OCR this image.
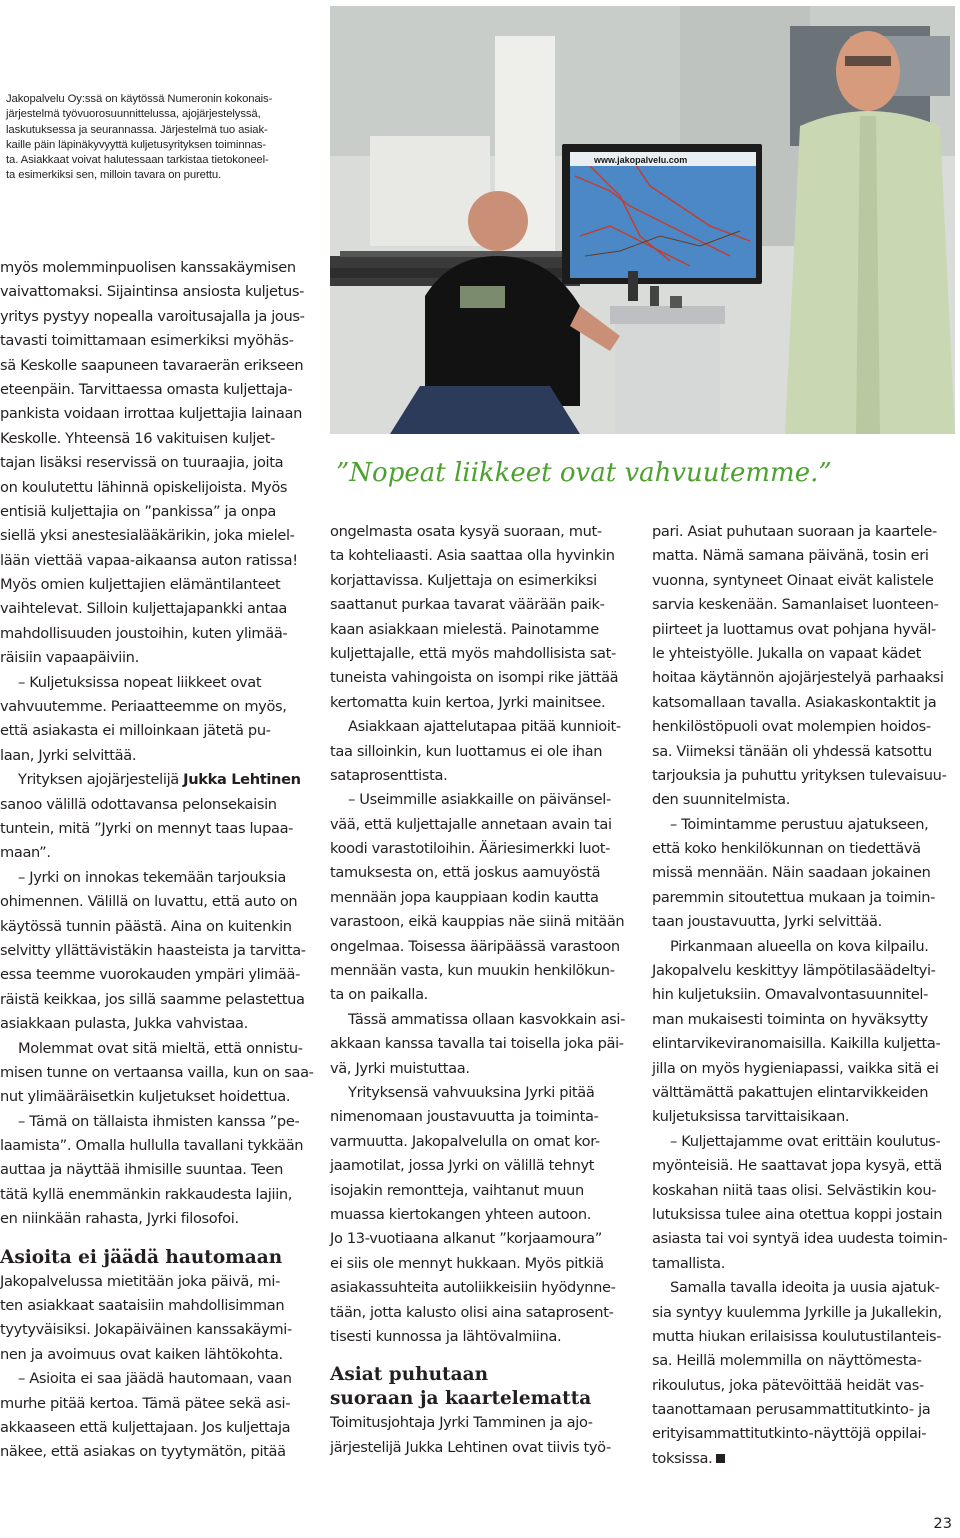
Jakopalvelu Oy:ssä on käytössä Numeronin kokonais-
järjestelmä työvuorosuunnittelussa, ajojärjestelyssä,
laskutuksessa ja seurannassa. Järjestelmä tuo asiak-
kaille päin läpinäkyvyyttä kuljetusyrityksen toiminnas-
ta. Asiakkaat voivat halutessaan tarkistaa tietokoneel-
ta esimerkiksi sen, milloin tavara on purettu.
www.jakopalvelu.com
”Nopeat liikkeet ovat vahvuutemme.”
myös molemminpuolisen kanssakäymisen
vaivattomaksi. Sijaintinsa ansiosta kuljetus-
yritys pystyy nopealla varoitusajalla ja jous-
tavasti toimittamaan esimerkiksi myöhäs-
sä Keskolle saapuneen tavaraerän erikseen
eteenpäin. Tarvittaessa omasta kuljettaja-
pankista voidaan irrottaa kuljettajia lainaan
Keskolle. Yhteensä 16 vakituisen kuljet-
tajan lisäksi reservissä on tuuraajia, joita
on koulutettu lähinnä opiskelijoista. Myös
entisiä kuljettajia on ”pankissa” ja onpa
siellä yksi anestesialääkärikin, joka mielel-
lään viettää vapaa-aikaansa auton ratissa!
Myös omien kuljettajien elämäntilanteet
vaihtelevat. Silloin kuljettajapankki antaa
mahdollisuuden joustoihin, kuten ylimää-
räisiin vapaapäiviin.
– Kuljetuksissa nopeat liikkeet ovat
vahvuutemme. Periaatteemme on myös,
että asiakasta ei milloinkaan jätetä pu-
laan, Jyrki selvittää.
Yrityksen ajojärjestelijä Jukka Lehtinen
sanoo välillä odottavansa pelonsekaisin
tuntein, mitä ”Jyrki on mennyt taas lupaa-
maan”.
– Jyrki on innokas tekemään tarjouksia
ohimennen. Välillä on luvattu, että auto on
käytössä tunnin päästä. Aina on kuitenkin
selvitty yllättävistäkin haasteista ja tarvitta-
essa teemme vuorokauden ympäri ylimää-
räistä keikkaa, jos sillä saamme pelastettua
asiakkaan pulasta, Jukka vahvistaa.
Molemmat ovat sitä mieltä, että onnistu-
misen tunne on vertaansa vailla, kun on saa-
nut ylimääräisetkin kuljetukset hoidettua.
– Tämä on tällaista ihmisten kanssa ”pe-
laamista”. Omalla hullulla tavallani tykkään
auttaa ja näyttää ihmisille suuntaa. Teen
tätä kyllä enemmänkin rakkaudesta lajiin,
en niinkään rahasta, Jyrki filosofoi.
Asioita ei jäädä hautomaan
Jakopalvelussa mietitään joka päivä, mi-
ten asiakkaat saataisiin mahdollisimman
tyytyväisiksi. Jokapäiväinen kanssakäymi-
nen ja avoimuus ovat kaiken lähtökohta.
– Asioita ei saa jäädä hautomaan, vaan
murhe pitää kertoa. Tämä pätee sekä asi-
akkaaseen että kuljettajaan. Jos kuljettaja
näkee, että asiakas on tyytymätön, pitää
ongelmasta osata kysyä suoraan, mut-
ta kohteliaasti. Asia saattaa olla hyvinkin
korjattavissa. Kuljettaja on esimerkiksi
saattanut purkaa tavarat väärään paik-
kaan asiakkaan mielestä. Painotamme
kuljettajalle, että myös mahdollisista sat-
tuneista vahingoista on isompi rike jättää
kertomatta kuin kertoa, Jyrki mainitsee.
Asiakkaan ajattelutapaa pitää kunnioit-
taa silloinkin, kun luottamus ei ole ihan
sataprosenttista.
– Useimmille asiakkaille on päivänsel-
vää, että kuljettajalle annetaan avain tai
koodi varastotiloihin. Ääriesimerkki luot-
tamuksesta on, että joskus aamuyöstä
mennään jopa kauppiaan kodin kautta
varastoon, eikä kauppias näe siinä mitään
ongelmaa. Toisessa ääripäässä varastoon
mennään vasta, kun muukin henkilökun-
ta on paikalla.
Tässä ammatissa ollaan kasvokkain asi-
akkaan kanssa tavalla tai toisella joka päi-
vä, Jyrki muistuttaa.
Yrityksensä vahvuuksina Jyrki pitää
nimenomaan joustavuutta ja toiminta-
varmuutta. Jakopalvelulla on omat kor-
jaamotilat, jossa Jyrki on välillä tehnyt
isojakin remontteja, vaihtanut muun
muassa kiertokangen yhteen autoon.
Jo 13-vuotiaana alkanut ”korjaamoura”
ei siis ole mennyt hukkaan. Myös pitkiä
asiakassuhteita autoliikkeisiin hyödynne-
tään, jotta kalusto olisi aina sataprosent-
tisesti kunnossa ja lähtövalmiina.
Asiat puhutaan
suoraan ja kaartelematta
Toimitusjohtaja Jyrki Tamminen ja ajo-
järjestelijä Jukka Lehtinen ovat tiivis työ-
pari. Asiat puhutaan suoraan ja kaartele-
matta. Nämä samana päivänä, tosin eri
vuonna, syntyneet Oinaat eivät kalistele
sarvia keskenään. Samanlaiset luonteen-
piirteet ja luottamus ovat pohjana hyväl-
le yhteistyölle. Jukalla on vapaat kädet
hoitaa käytännön ajojärjestelyä parhaaksi
katsomallaan tavalla. Asiakaskontaktit ja
henkilöstöpuoli ovat molempien hoidos-
sa. Viimeksi tänään oli yhdessä katsottu
tarjouksia ja puhuttu yrityksen tulevaisuu-
den suunnitelmista.
– Toimintamme perustuu ajatukseen,
että koko henkilökunnan on tiedettävä
missä mennään. Näin saadaan jokainen
paremmin sitoutettua mukaan ja toimin-
taan joustavuutta, Jyrki selvittää.
Pirkanmaan alueella on kova kilpailu.
Jakopalvelu keskittyy lämpötilasäädeltyi-
hin kuljetuksiin. Omavalvontasuunnitel-
man mukaisesti toiminta on hyväksytty
elintarvikeviranomaisilla. Kaikilla kuljetta-
jilla on myös hygieniapassi, vaikka sitä ei
välttämättä pakattujen elintarvikkeiden
kuljetuksissa tarvittaisikaan.
– Kuljettajamme ovat erittäin koulutus-
myönteisiä. He saattavat jopa kysyä, että
koskahan niitä taas olisi. Selvästikin kou-
lutuksissa tulee aina otettua koppi jostain
asiasta tai voi syntyä idea uudesta toimin-
tamallista.
Samalla tavalla ideoita ja uusia ajatuk-
sia syntyy kuulemma Jyrkille ja Jukallekin,
mutta hiukan erilaisissa koulutustilanteis-
sa. Heillä molemmilla on näyttömesta-
rikoulutus, joka pätevöittää heidät vas-
taanottamaan perusammattitutkinto- ja
erityisammattitutkinto-näyttöjä oppilai-
toksissa.
23
